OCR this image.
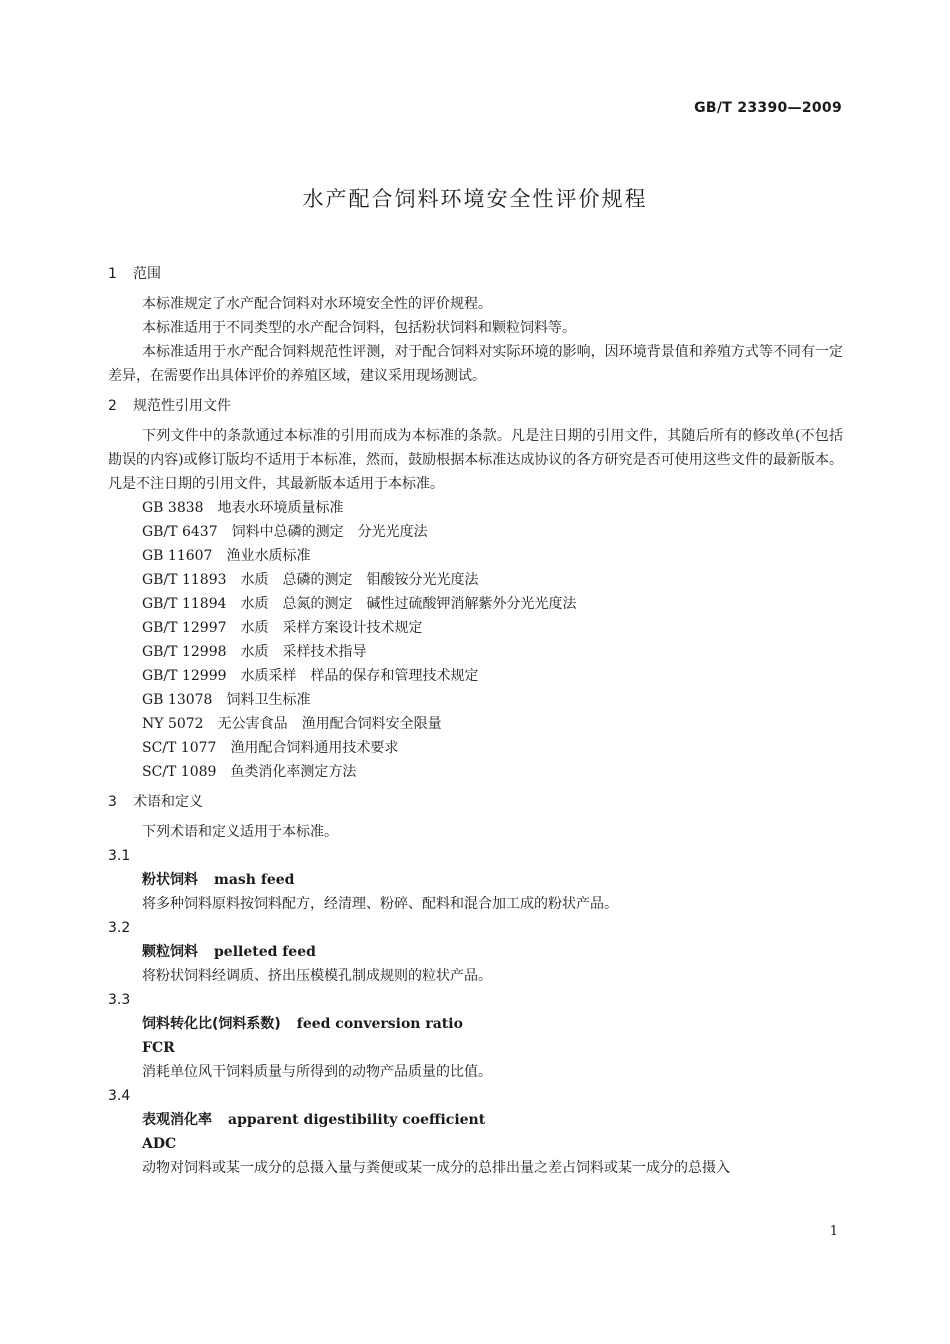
GB/T 23390—2009
水产配合饲料环境安全性评价规程
1 范围

本标准规定了水产配合饲料对水环境安全性的评价规程。

本标准适用于不同类型的水产配合饲料，包括粉状饲料和颗粒饲料等。

本标准适用于水产配合饲料规范性评测，对于配合饲料对实际环境的影响，因环境背景值和养殖方式等不同有一定差异，在需要作出具体评价的养殖区域，建议采用现场测试。

2 规范性引用文件

下列文件中的条款通过本标准的引用而成为本标准的条款。凡是注日期的引用文件，其随后所有的修改单(不包括勘误的内容)或修订版均不适用于本标准，然而，鼓励根据本标准达成协议的各方研究是否可使用这些文件的最新版本。凡是不注日期的引用文件，其最新版本适用于本标准。

GB 3838 地表水环境质量标准

GB/T 6437 饲料中总磷的测定　分光光度法

GB 11607 渔业水质标准

GB/T 11893 水质　总磷的测定　钼酸铵分光光度法

GB/T 11894 水质　总氮的测定　碱性过硫酸钾消解紫外分光光度法

GB/T 12997 水质　采样方案设计技术规定

GB/T 12998 水质　采样技术指导

GB/T 12999 水质采样　样品的保存和管理技术规定

GB 13078 饲料卫生标准

NY 5072 无公害食品　渔用配合饲料安全限量

SC/T 1077 渔用配合饲料通用技术要求

SC/T 1089 鱼类消化率测定方法

3 术语和定义

下列术语和定义适用于本标准。

3.1
粉状饲料 mash feed

将多种饲料原料按饲料配方，经清理、粉碎、配料和混合加工成的粉状产品。

3.2
颗粒饲料 pelleted feed

将粉状饲料经调质、挤出压模模孔制成规则的粒状产品。

3.3
饲料转化比(饲料系数) feed conversion ratio
FCR

消耗单位风干饲料质量与所得到的动物产品质量的比值。

3.4
表观消化率 apparent digestibility coefficient
ADC

动物对饲料或某一成分的总摄入量与粪便或某一成分的总排出量之差占饲料或某一成分的总摄入

1
